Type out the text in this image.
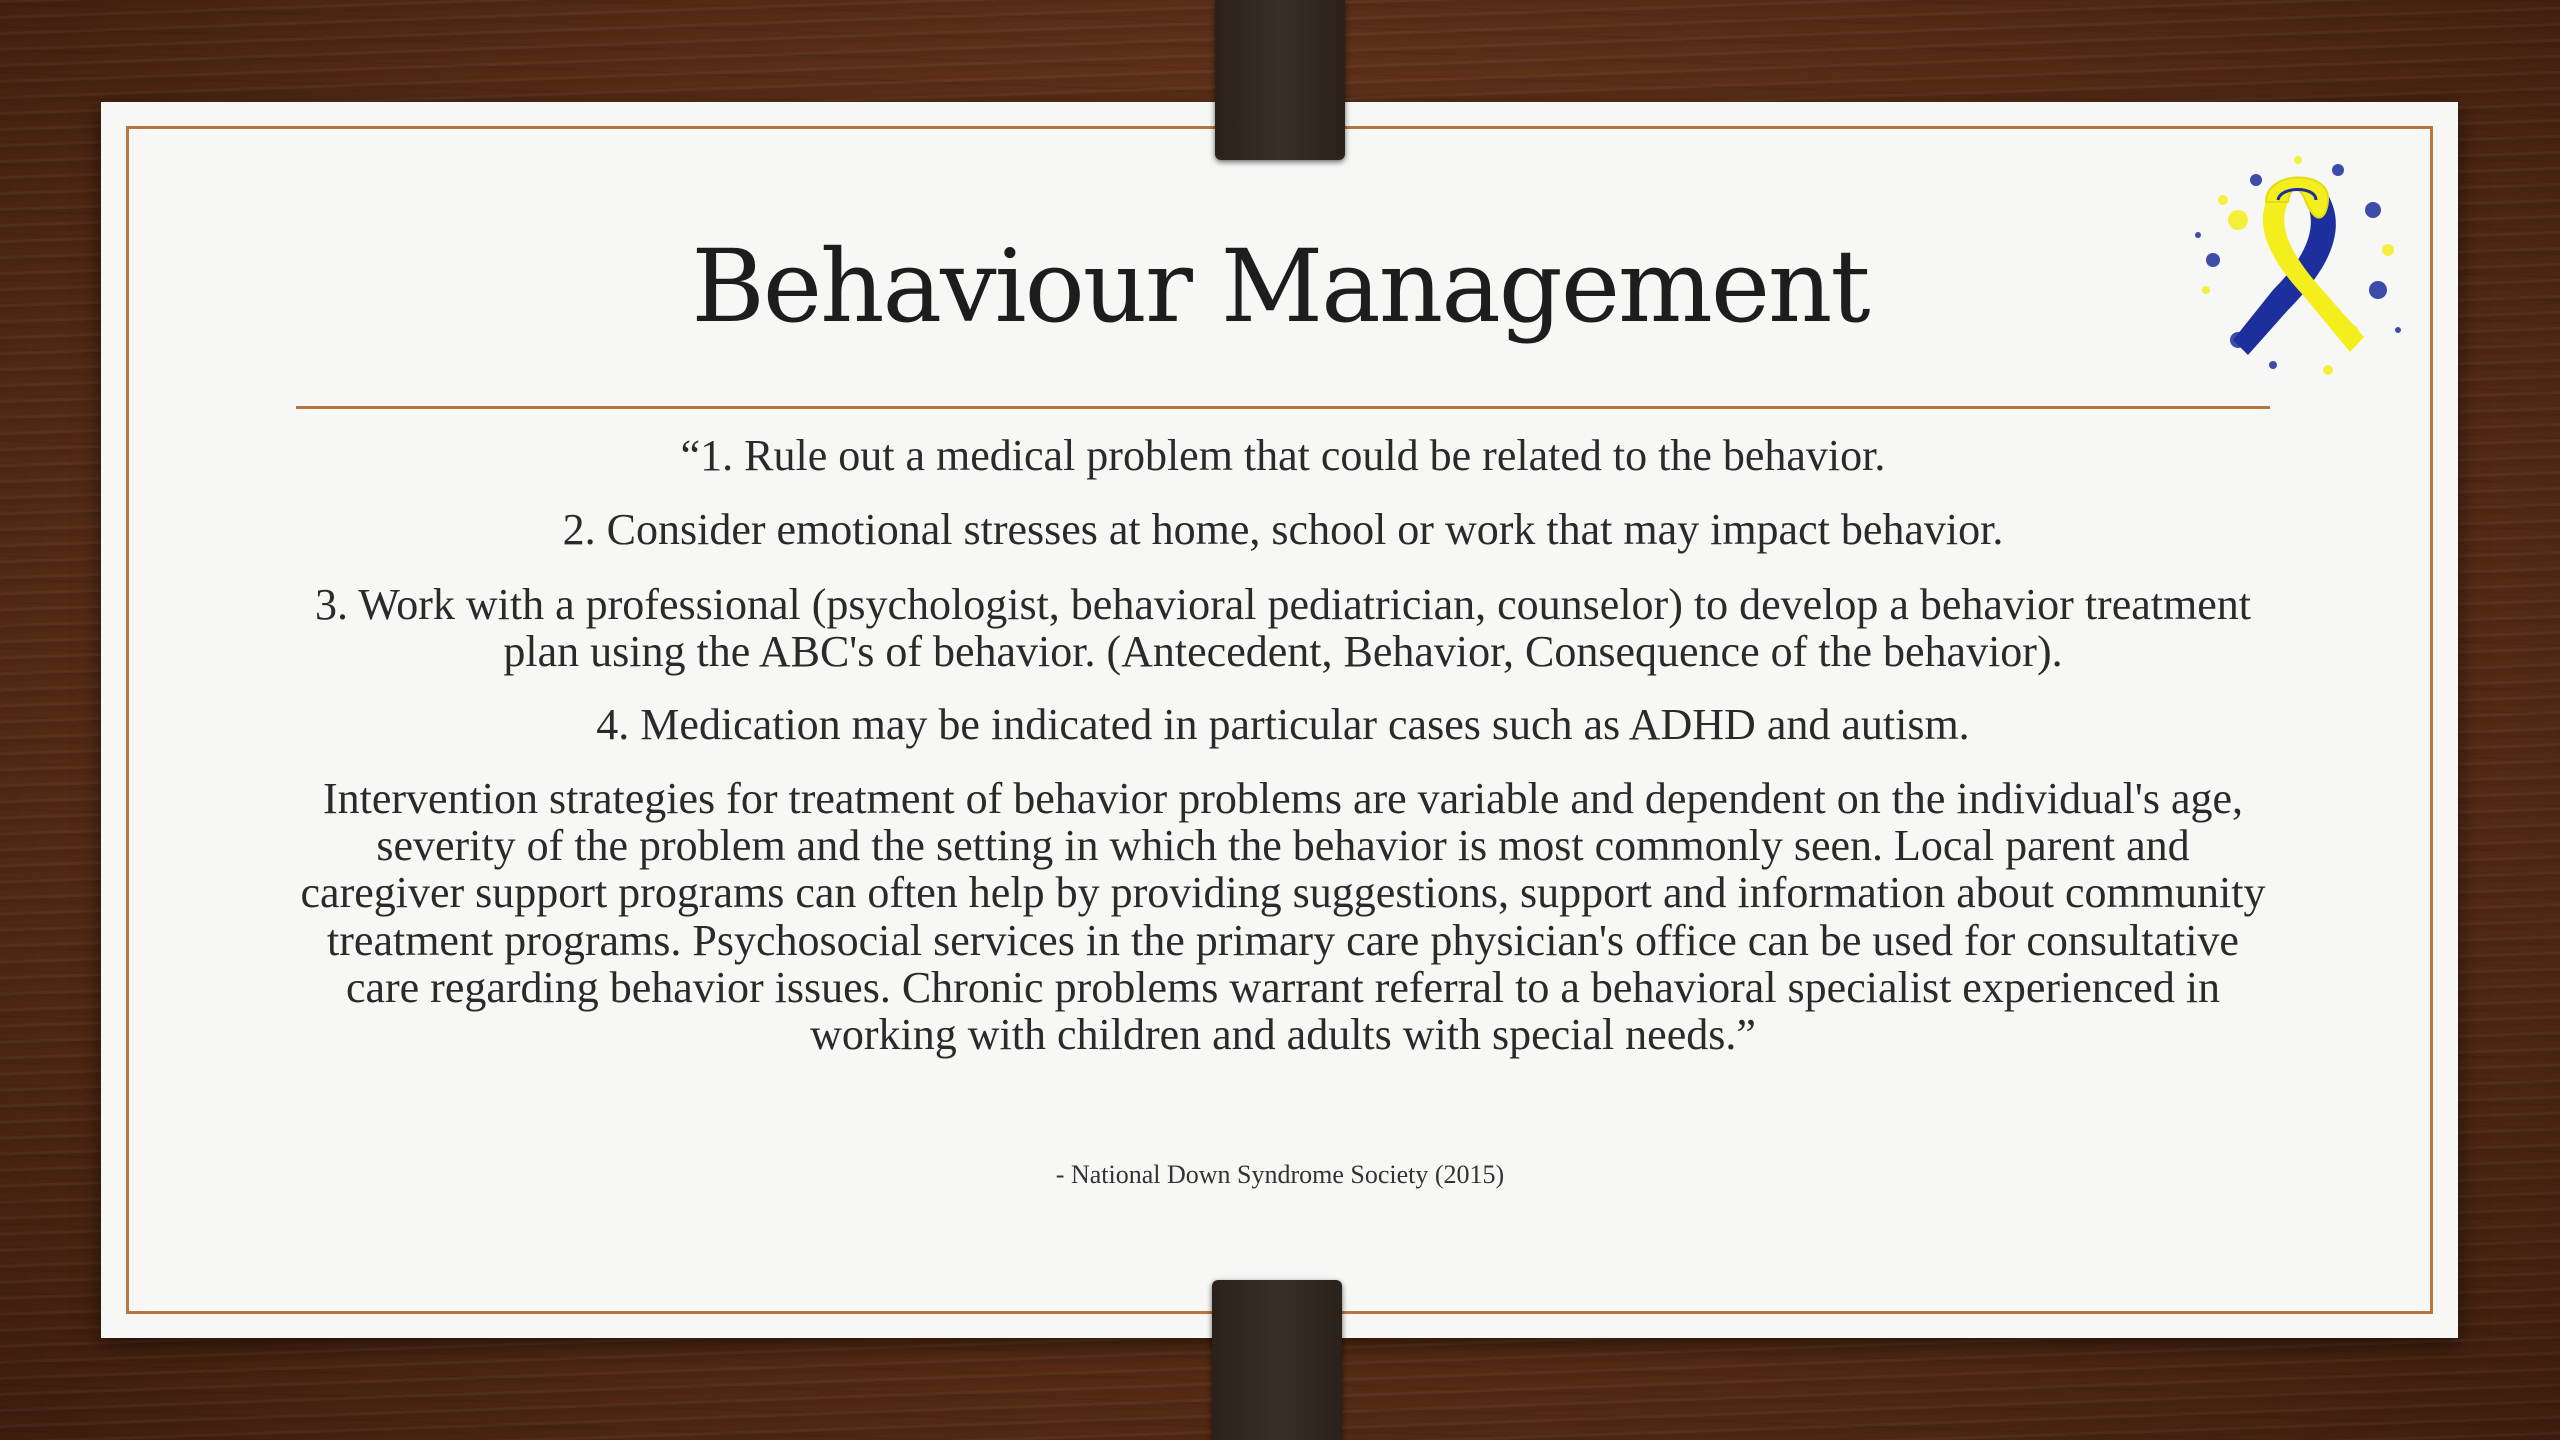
Behaviour Management

“1. Rule out a medical problem that could be related to the behavior.

2. Consider emotional stresses at home, school or work that may impact behavior.

3. Work with a professional (psychologist, behavioral pediatrician, counselor) to develop a behavior treatment plan using the ABC's of behavior. (Antecedent, Behavior, Consequence of the behavior).

4. Medication may be indicated in particular cases such as ADHD and autism.

Intervention strategies for treatment of behavior problems are variable and dependent on the individual's age, severity of the problem and the setting in which the behavior is most commonly seen. Local parent and caregiver support programs can often help by providing suggestions, support and information about community treatment programs. Psychosocial services in the primary care physician's office can be used for consultative care regarding behavior issues. Chronic problems warrant referral to a behavioral specialist experienced in working with children and adults with special needs.”

- National Down Syndrome Society (2015)
